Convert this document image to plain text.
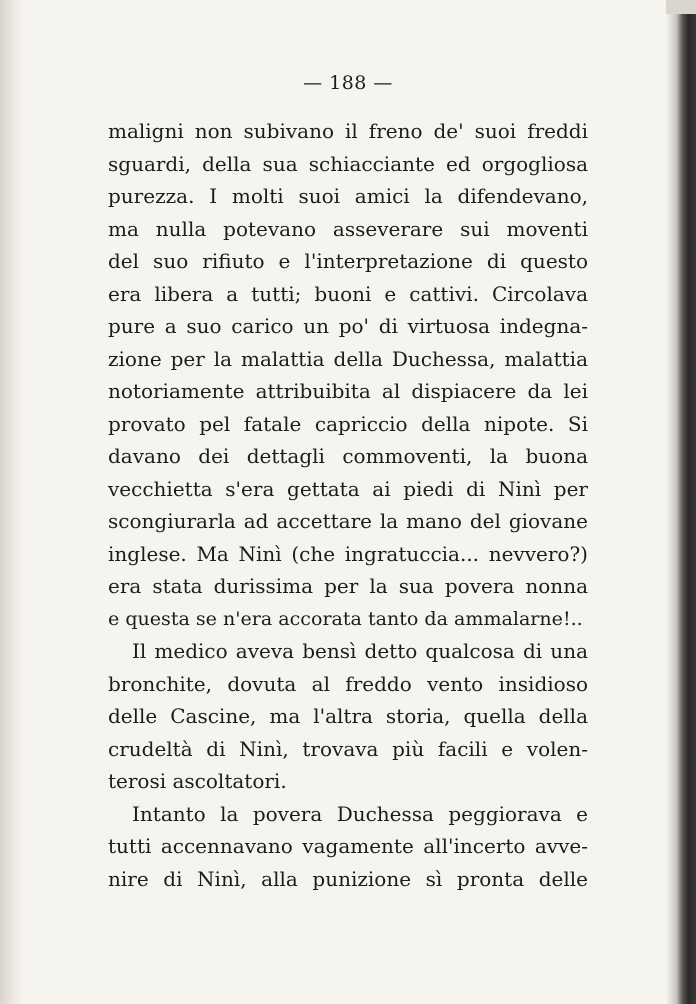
— 188 —
maligni non subivano il freno de' suoi freddi
sguardi, della sua schiacciante ed orgogliosa
purezza. I molti suoi amici la difendevano,
ma nulla potevano asseverare sui moventi
del suo rifiuto e l'interpretazione di questo
era libera a tutti; buoni e cattivi. Circolava
pure a suo carico un po' di virtuosa indegna-
zione per la malattia della Duchessa, malattia
notoriamente attribuibita al dispiacere da lei
provato pel fatale capriccio della nipote. Si
davano dei dettagli commoventi, la buona
vecchietta s'era gettata ai piedi di Ninì per
scongiurarla ad accettare la mano del giovane
inglese. Ma Ninì (che ingratuccia... nevvero?)
era stata durissima per la sua povera nonna
e questa se n'era accorata tanto da ammalarne!..
Il medico aveva bensì detto qualcosa di una
bronchite, dovuta al freddo vento insidioso
delle Cascine, ma l'altra storia, quella della
crudeltà di Ninì, trovava più facili e volen-
terosi ascoltatori.
Intanto la povera Duchessa peggiorava e
tutti accennavano vagamente all'incerto avve-
nire di Ninì, alla punizione sì pronta delle
